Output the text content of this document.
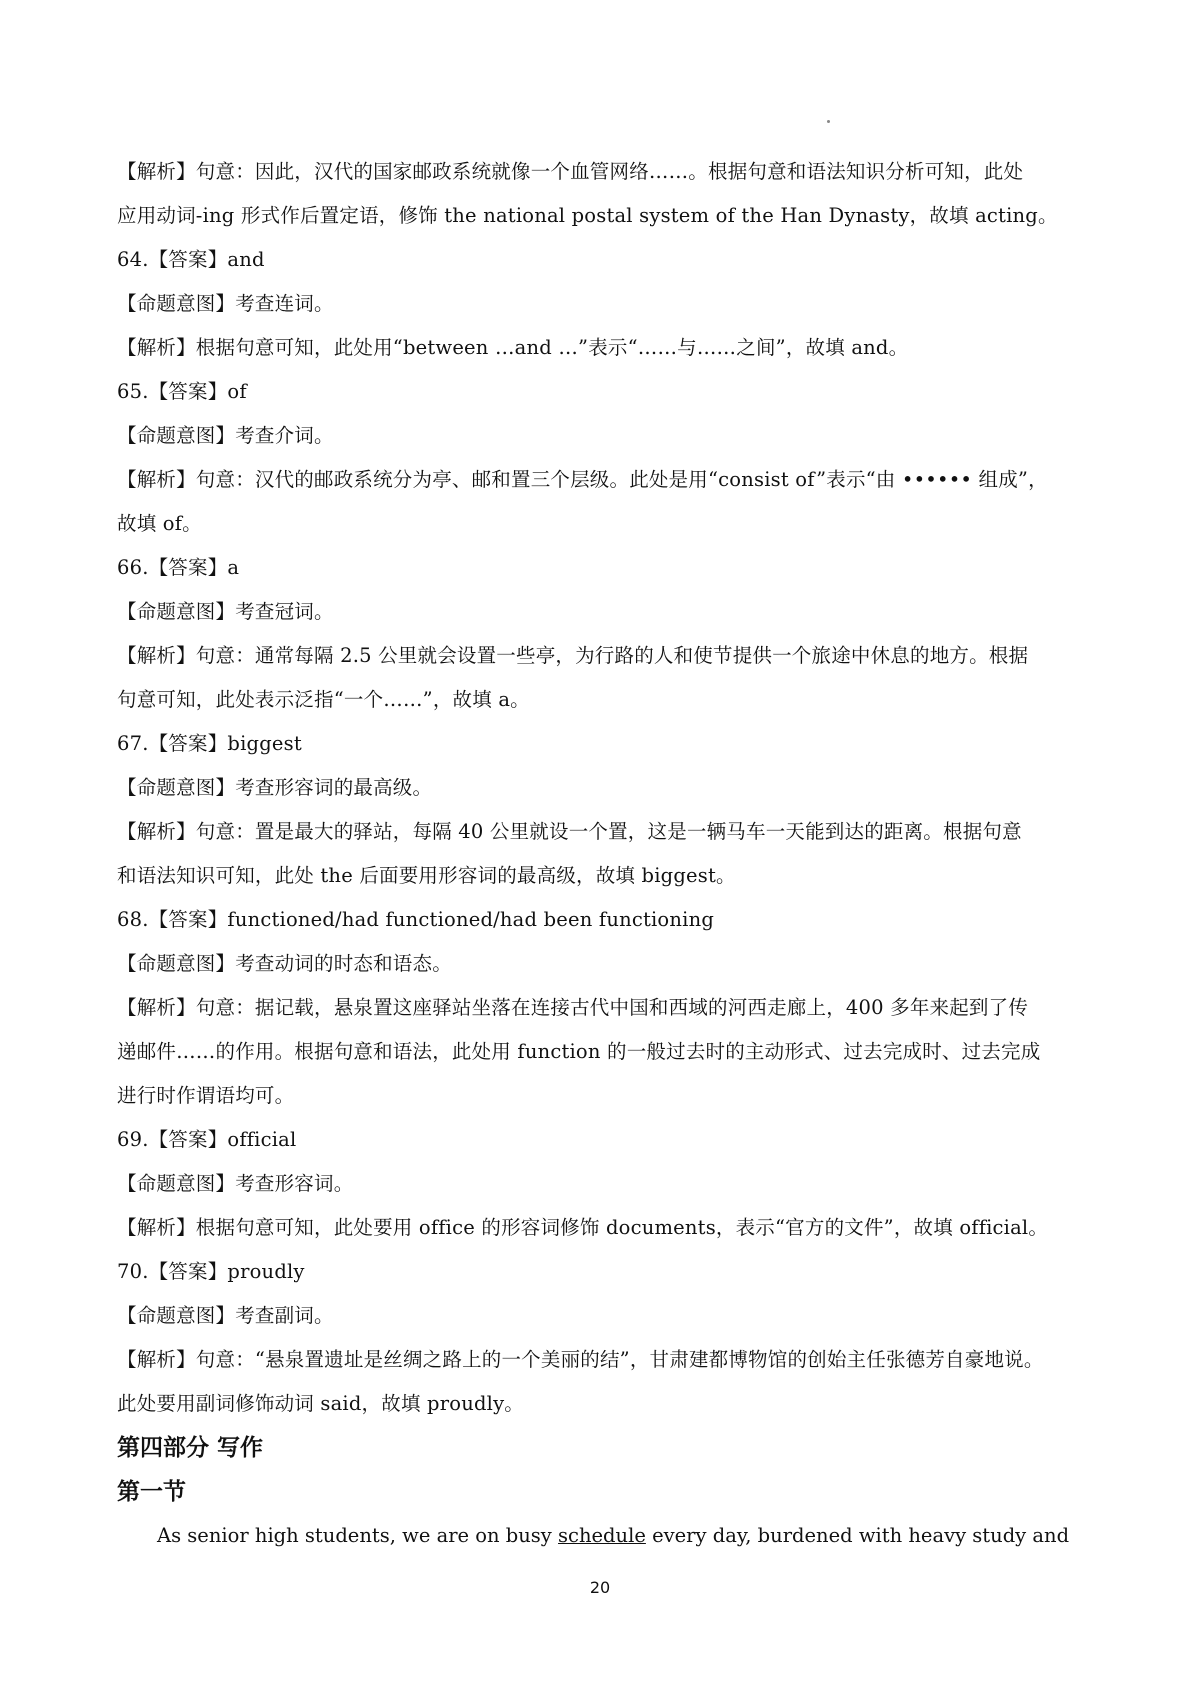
【解析】句意：因此，汉代的国家邮政系统就像一个血管网络……。根据句意和语法知识分析可知，此处
应用动词-ing 形式作后置定语，修饰 the national postal system of the Han Dynasty，故填 acting。
64.【答案】and
【命题意图】考查连词。
【解析】根据句意可知，此处用“between …and …”表示“……与……之间”，故填 and。
65.【答案】of
【命题意图】考查介词。
【解析】句意：汉代的邮政系统分为亭、邮和置三个层级。此处是用“consist of”表示“由 •••••• 组成”，
故填 of。
66.【答案】a
【命题意图】考查冠词。
【解析】句意：通常每隔 2.5 公里就会设置一些亭，为行路的人和使节提供一个旅途中休息的地方。根据
句意可知，此处表示泛指“一个……”，故填 a。
67.【答案】biggest
【命题意图】考查形容词的最高级。
【解析】句意：置是最大的驿站，每隔 40 公里就设一个置，这是一辆马车一天能到达的距离。根据句意
和语法知识可知，此处 the 后面要用形容词的最高级，故填 biggest。
68.【答案】functioned/had functioned/had been functioning
【命题意图】考查动词的时态和语态。
【解析】句意：据记载，悬泉置这座驿站坐落在连接古代中国和西域的河西走廊上，400 多年来起到了传
递邮件……的作用。根据句意和语法，此处用 function 的一般过去时的主动形式、过去完成时、过去完成
进行时作谓语均可。
69.【答案】official
【命题意图】考查形容词。
【解析】根据句意可知，此处要用 office 的形容词修饰 documents，表示“官方的文件”，故填 official。
70.【答案】proudly
【命题意图】考查副词。
【解析】句意：“悬泉置遗址是丝绸之路上的一个美丽的结”，甘肃建都博物馆的创始主任张德芳自豪地说。
此处要用副词修饰动词 said，故填 proudly。
第四部分 写作
第一节
As senior high students, we are on busy schedule every day, burdened with heavy study and
20
